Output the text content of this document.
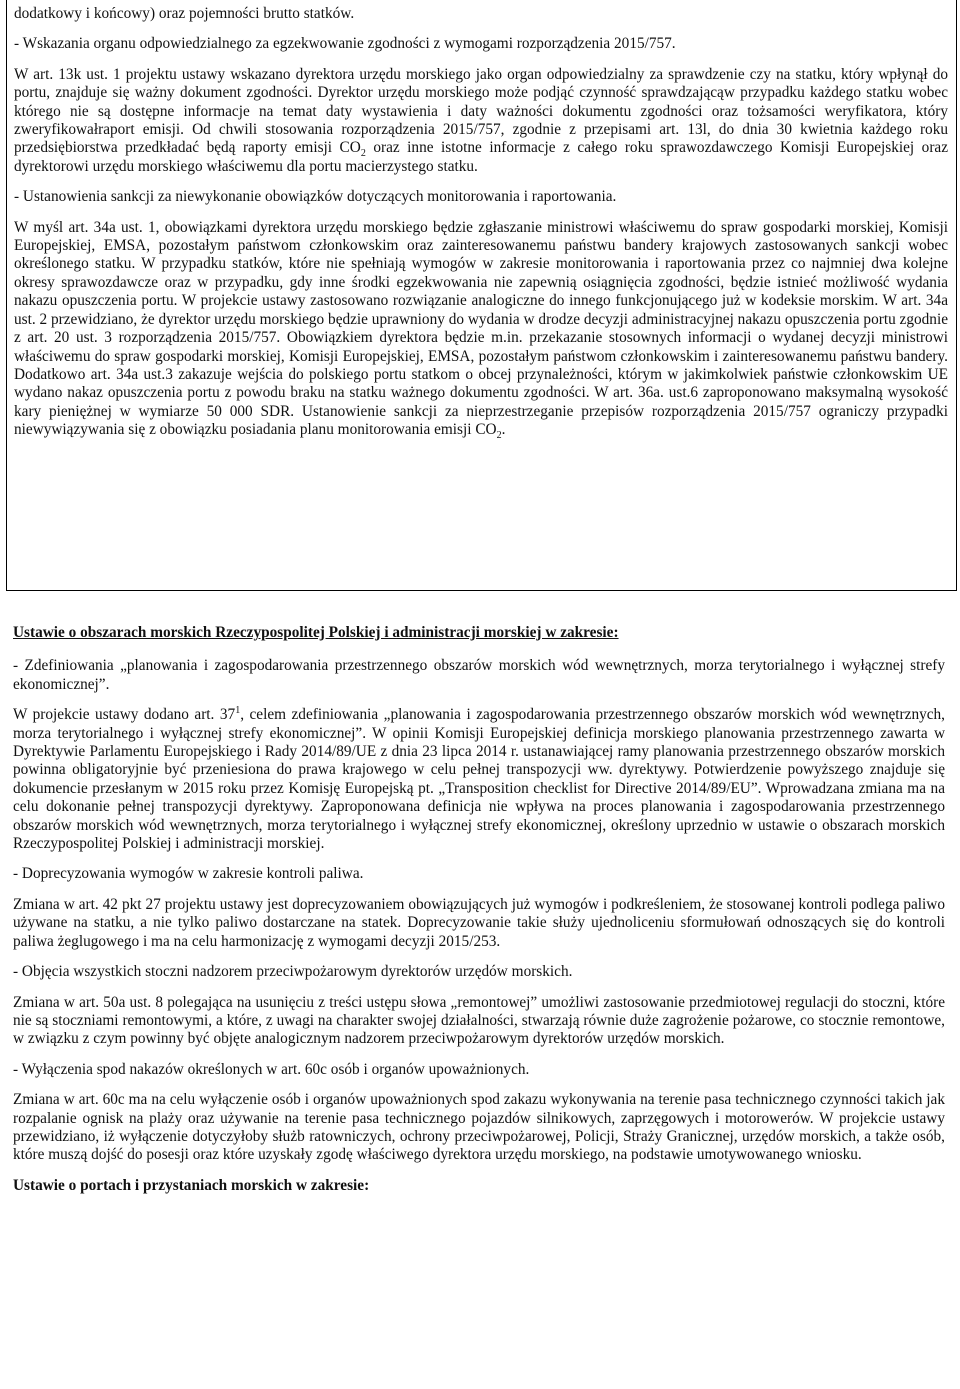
dodatkowy i końcowy) oraz pojemności brutto statków.

- Wskazania organu odpowiedzialnego za egzekwowanie zgodności z wymogami rozporządzenia 2015/757.

W art. 13k ust. 1 projektu ustawy wskazano dyrektora urzędu morskiego jako organ odpowiedzialny za sprawdzenie czy na statku, który wpłynął do portu, znajduje się ważny dokument zgodności. Dyrektor urzędu morskiego może podjąć czynność sprawdzającąw przypadku każdego statku wobec którego nie są dostępne informacje na temat daty wystawienia i daty ważności dokumentu zgodności oraz tożsamości weryfikatora, który zweryfikowałraport emisji. Od chwili stosowania rozporządzenia 2015/757, zgodnie z przepisami art. 13l, do dnia 30 kwietnia każdego roku przedsiębiorstwa przedkładać będą raporty emisji $CO_2$ oraz inne istotne informacje z całego roku sprawozdawczego Komisji Europejskiej oraz dyrektorowi urzędu morskiego właściwemu dla portu macierzystego statku.

- Ustanowienia sankcji za niewykonanie obowiązków dotyczących monitorowania i raportowania.

W myśl art. 34a ust. 1, obowiązkami dyrektora urzędu morskiego będzie zgłaszanie ministrowi właściwemu do spraw gospodarki morskiej, Komisji Europejskiej, EMSA, pozostałym państwom członkowskim oraz zainteresowanemu państwu bandery krajowych zastosowanych sankcji wobec określonego statku. W przypadku statków, które nie spełniają wymogów w zakresie monitorowania i raportowania przez co najmniej dwa kolejne okresy sprawozdawcze oraz w przypadku, gdy inne środki egzekwowania nie zapewnią osiągnięcia zgodności, będzie istnieć możliwość wydania nakazu opuszczenia portu. W projekcie ustawy zastosowano rozwiązanie analogiczne do innego funkcjonującego już w kodeksie morskim. W art. 34a ust. 2 przewidziano, że dyrektor urzędu morskiego będzie uprawniony do wydania w drodze decyzji administracyjnej nakazu opuszczenia portu zgodnie z art. 20 ust. 3 rozporządzenia 2015/757. Obowiązkiem dyrektora będzie m.in. przekazanie stosownych informacji o wydanej decyzji ministrowi właściwemu do spraw gospodarki morskiej, Komisji Europejskiej, EMSA, pozostałym państwom członkowskim i zainteresowanemu państwu bandery. Dodatkowo art. 34a ust.3 zakazuje wejścia do polskiego portu statkom o obcej przynależności, którym w jakimkolwiek państwie członkowskim UE wydano nakaz opuszczenia portu z powodu braku na statku ważnego dokumentu zgodności. W art. 36a. ust.6 zaproponowano maksymalną wysokość kary pieniężnej w wymiarze 50 000 SDR. Ustanowienie sankcji za nieprzestrzeganie przepisów rozporządzenia 2015/757 ograniczy przypadki niewywiązywania się z obowiązku posiadania planu monitorowania emisji $CO_2$.

Ustawie o obszarach morskich Rzeczypospolitej Polskiej i administracji morskiej w zakresie:

- Zdefiniowania „planowania i zagospodarowania przestrzennego obszarów morskich wód wewnętrznych, morza terytorialnego i wyłącznej strefy ekonomicznej”.

W projekcie ustawy dodano art. $37^1$, celem zdefiniowania „planowania i zagospodarowania przestrzennego obszarów morskich wód wewnętrznych, morza terytorialnego i wyłącznej strefy ekonomicznej”. W opinii Komisji Europejskiej definicja morskiego planowania przestrzennego zawarta w Dyrektywie Parlamentu Europejskiego i Rady 2014/89/UE z dnia 23 lipca 2014 r. ustanawiającej ramy planowania przestrzennego obszarów morskich powinna obligatoryjnie być przeniesiona do prawa krajowego w celu pełnej transpozycji ww. dyrektywy. Potwierdzenie powyższego znajduje się dokumencie przesłanym w 2015 roku przez Komisję Europejską pt. „Transposition checklist for Directive 2014/89/EU”. Wprowadzana zmiana ma na celu dokonanie pełnej transpozycji dyrektywy. Zaproponowana definicja nie wpływa na proces planowania i zagospodarowania przestrzennego obszarów morskich wód wewnętrznych, morza terytorialnego i wyłącznej strefy ekonomicznej, określony uprzednio w ustawie o obszarach morskich Rzeczypospolitej Polskiej i administracji morskiej.

- Doprecyzowania wymogów w zakresie kontroli paliwa.

Zmiana w art. 42 pkt 27 projektu ustawy jest doprecyzowaniem obowiązujących już wymogów i podkreśleniem, że stosowanej kontroli podlega paliwo używane na statku, a nie tylko paliwo dostarczane na statek. Doprecyzowanie takie służy ujednoliceniu sformułowań odnoszących się do kontroli paliwa żeglugowego i ma na celu harmonizację z wymogami decyzji 2015/253.

- Objęcia wszystkich stoczni nadzorem przeciwpożarowym dyrektorów urzędów morskich.

Zmiana w art. 50a ust. 8 polegająca na usunięciu z treści ustępu słowa „remontowej” umożliwi zastosowanie przedmiotowej regulacji do stoczni, które nie są stoczniami remontowymi, a które, z uwagi na charakter swojej działalności, stwarzają równie duże zagrożenie pożarowe, co stocznie remontowe, w związku z czym powinny być objęte analogicznym nadzorem przeciwpożarowym dyrektorów urzędów morskich.

- Wyłączenia spod nakazów określonych w art. 60c osób i organów upoważnionych.

Zmiana w art. 60c ma na celu wyłączenie osób i organów upoważnionych spod zakazu wykonywania na terenie pasa technicznego czynności takich jak rozpalanie ognisk na plaży oraz używanie na terenie pasa technicznego pojazdów silnikowych, zaprzęgowych i motorowerów. W projekcie ustawy przewidziano, iż wyłączenie dotyczyłoby służb ratowniczych, ochrony przeciwpożarowej, Policji, Straży Granicznej, urzędów morskich, a także osób, które muszą dojść do posesji oraz które uzyskały zgodę właściwego dyrektora urzędu morskiego, na podstawie umotywowanego wniosku.

Ustawie o portach i przystaniach morskich w zakresie:
